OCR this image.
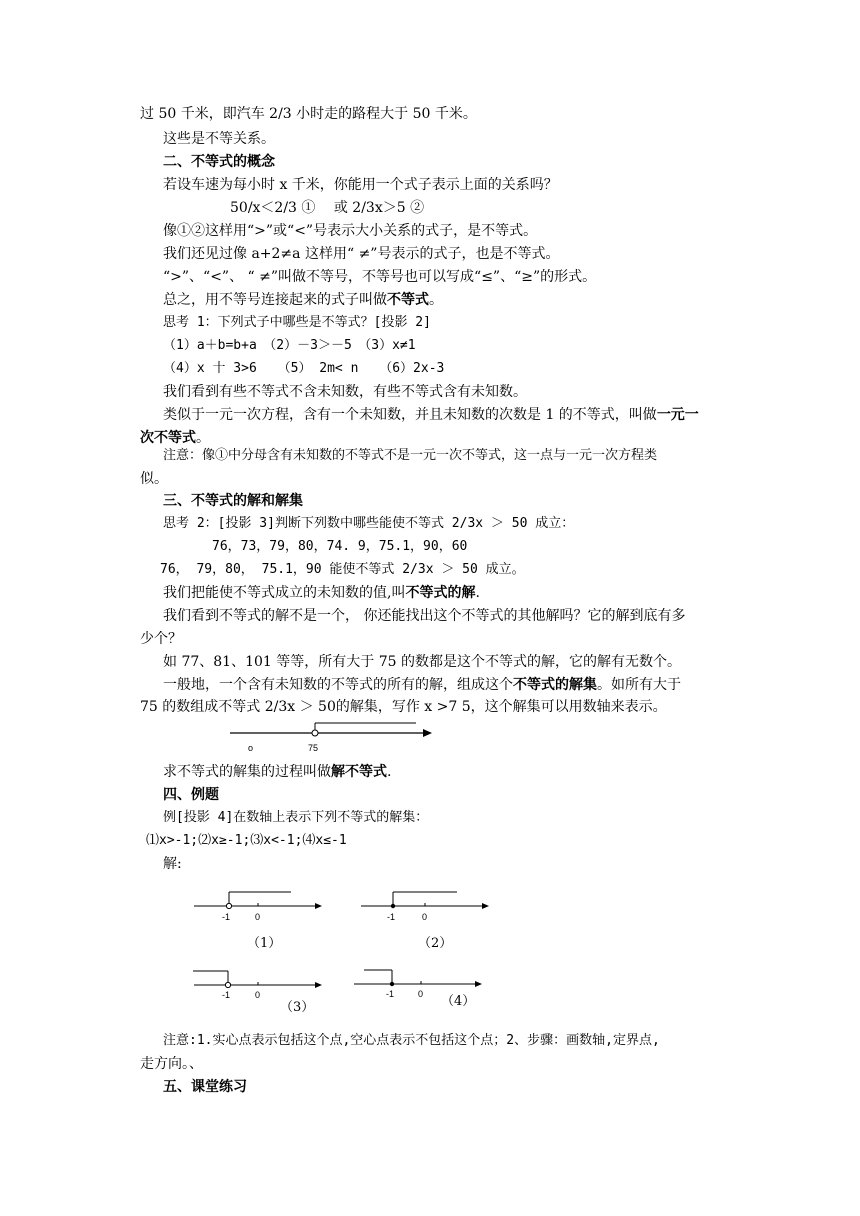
过 50 千米，即汽车 2/3 小时走的路程大于 50 千米。
这些是不等关系。
二、不等式的概念
若设车速为每小时 x 千米，你能用一个式子表示上面的关系吗？
50/x＜2/3 ①　 或 2/3x＞5 ②
像①②这样用“>”或“<”号表示大小关系的式子，是不等式。
我们还见过像 a+2≠a 这样用“ ≠”号表示的式子，也是不等式。
“>”、“<”、 “ ≠”叫做不等号，不等号也可以写成“≤”、“≥”的形式。
总之，用不等号连接起来的式子叫做不等式。
思考 1：下列式子中哪些是不等式？[投影 2]
（1）a＋b=b+a　（2）－3＞－5　（3）x≠1
（4）x 十 3>6　 （5） 2m< n　 （6）2x-3
我们看到有些不等式不含未知数，有些不等式含有未知数。
类似于一元一次方程，含有一个未知数，并且未知数的次数是 1 的不等式，叫做一元一
次不等式。
注意：像①中分母含有未知数的不等式不是一元一次不等式，这一点与一元一次方程类
似。
三、不等式的解和解集
思考 2：[投影 3]判断下列数中哪些能使不等式 2/3x ＞ 50 成立：
76，73，79，80，74. 9，75.1，90，60
76， 79，80， 75.1，90 能使不等式 2/3x ＞ 50 成立。
我们把能使不等式成立的未知数的值,叫不等式的解.
我们看到不等式的解不是一个， 你还能找出这个不等式的其他解吗？它的解到底有多
少个？
如 77、81、101 等等，所有大于 75 的数都是这个不等式的解，它的解有无数个。
一般地，一个含有未知数的不等式的所有的解，组成这个不等式的解集。如所有大于
75 的数组成不等式 2/3x ＞ 50的解集，写作 x >7 5，这个解集可以用数轴来表示。
o	75
求不等式的解集的过程叫做解不等式.
四、例题
例[投影 4]在数轴上表示下列不等式的解集：
⑴x>-1;⑵x≥-1;⑶x<-1;⑷x≤-1
解:
-1	0
（1）
-1	0
（2）
-1	0
（3）
-1	0 （4）
注意:1.实心点表示包括这个点,空心点表示不包括这个点；2、步骤：画数轴,定界点,
走方向。、
五、课堂练习
